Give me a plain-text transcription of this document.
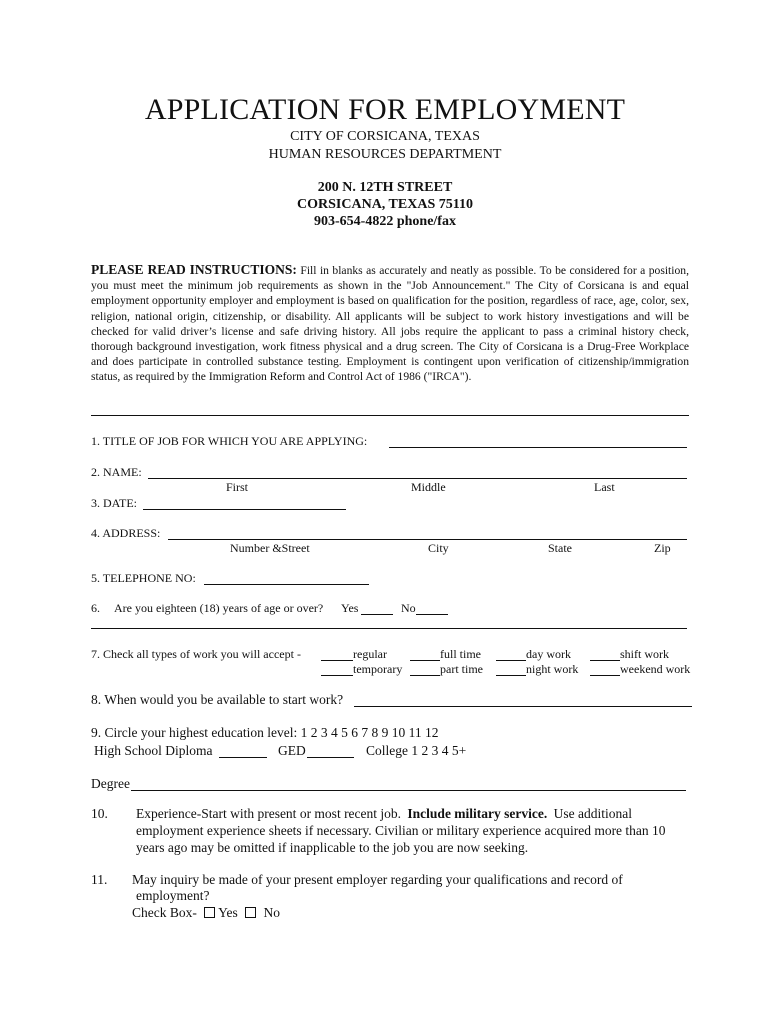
APPLICATION FOR EMPLOYMENT
CITY OF CORSICANA, TEXAS
HUMAN RESOURCES DEPARTMENT
200 N. 12TH STREET
CORSICANA, TEXAS 75110
903-654-4822 phone/fax
PLEASE READ INSTRUCTIONS: Fill in blanks as accurately and neatly as possible. To be considered for a position, you must meet the minimum job requirements as shown in the "Job Announcement." The City of Corsicana is and equal employment opportunity employer and employment is based on qualification for the position, regardless of race, age, color, sex, religion, national origin, citizenship, or disability. All applicants will be subject to work history investigations and will be checked for valid driver’s license and safe driving history. All jobs require the applicant to pass a criminal history check, thorough background investigation, work fitness physical and a drug screen. The City of Corsicana is a Drug-Free Workplace and does participate in controlled substance testing. Employment is contingent upon verification of citizenship/immigration status, as required by the Immigration Reform and Control Act of 1986 ("IRCA").
1. TITLE OF JOB FOR WHICH YOU ARE APPLYING:
2. NAME:
First	Middle	Last
3. DATE:
4. ADDRESS:
Number &Street	City	State	Zip
5. TELEPHONE NO:
6. Are you eighteen (18) years of age or over? Yes	No
7. Check all types of work you will accept -	regular	full time	day work	shift work
temporary	part time	night work	weekend work
8. When would you be available to start work?
9. Circle your highest education level: 1 2 3 4 5 6 7 8 9 10 11 12
High School Diploma	GED	College 1 2 3 4 5+
Degree
10. Experience-Start with present or most recent job. Include military service. Use additional
employment experience sheets if necessary. Civilian or military experience acquired more than 10
years ago may be omitted if inapplicable to the job you are now seeking.
11. May inquiry be made of your present employer regarding your qualifications and record of
employment?
Check Box- Yes No
